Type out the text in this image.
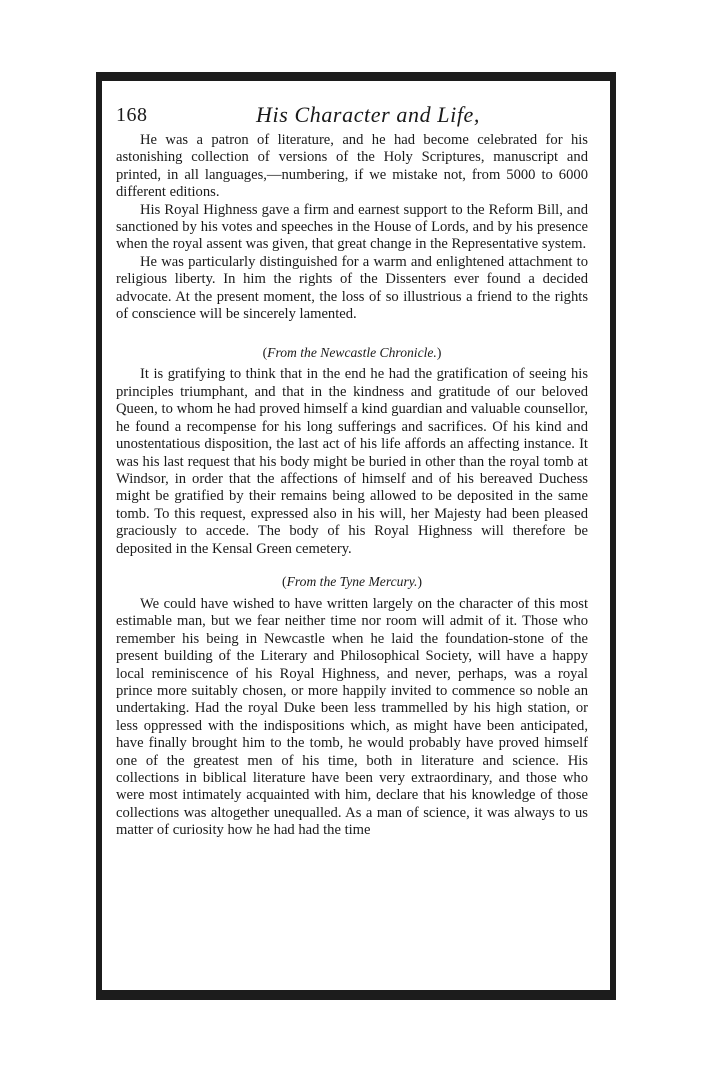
168	His Character and Life,

He was a patron of literature, and he had become celebrated for his astonishing collection of versions of the Holy Scriptures, manuscript and printed, in all languages,—numbering, if we mistake not, from 5000 to 6000 different editions.

His Royal Highness gave a firm and earnest support to the Reform Bill, and sanctioned by his votes and speeches in the House of Lords, and by his presence when the royal assent was given, that great change in the Representative system.

He was particularly distinguished for a warm and enlightened attachment to religious liberty. In him the rights of the Dissenters ever found a decided advocate. At the present moment, the loss of so illustrious a friend to the rights of conscience will be sincerely lamented.

(From the Newcastle Chronicle.)

It is gratifying to think that in the end he had the gratification of seeing his principles triumphant, and that in the kindness and gratitude of our beloved Queen, to whom he had proved himself a kind guardian and valuable counsellor, he found a recompense for his long sufferings and sacrifices. Of his kind and unostentatious disposition, the last act of his life affords an affecting instance. It was his last request that his body might be buried in other than the royal tomb at Windsor, in order that the affections of himself and of his bereaved Duchess might be gratified by their remains being allowed to be deposited in the same tomb. To this request, expressed also in his will, her Majesty had been pleased graciously to accede. The body of his Royal Highness will therefore be deposited in the Kensal Green cemetery.

(From the Tyne Mercury.)

We could have wished to have written largely on the character of this most estimable man, but we fear neither time nor room will admit of it. Those who remember his being in Newcastle when he laid the foundation-stone of the present building of the Literary and Philosophical Society, will have a happy local reminiscence of his Royal Highness, and never, perhaps, was a royal prince more suitably chosen, or more happily invited to commence so noble an undertaking. Had the royal Duke been less trammelled by his high station, or less oppressed with the indispositions which, as might have been anticipated, have finally brought him to the tomb, he would probably have proved himself one of the greatest men of his time, both in literature and science. His collections in biblical literature have been very extraordinary, and those who were most intimately acquainted with him, declare that his knowledge of those collections was altogether unequalled. As a man of science, it was always to us matter of curiosity how he had had the time
